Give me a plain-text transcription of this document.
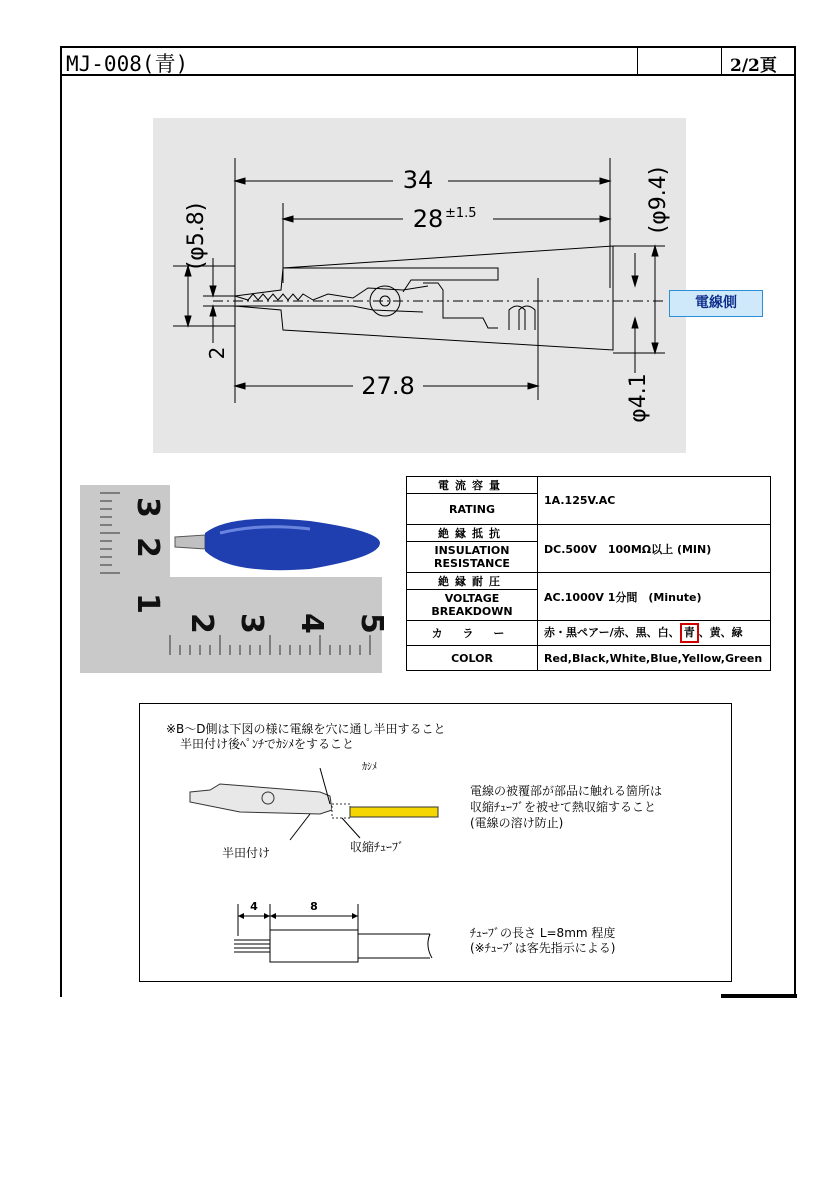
MJ-008(青)	2/2頁
34
28 ±1.5
27.8
(φ5.8)
2
(φ9.4)
φ4.1
電線側
3
2
1
2 3 4 5
電流容量	1A.125V.AC
RATING	
絶縁抵抗	DC.500V　100MΩ以上 (MIN)
INSULATION RESISTANCE	
絶縁耐圧	AC.1000V 1分間　(Minute)
VOLTAGE BREAKDOWN	
カ ラ ー	赤・黒ペアー/赤、黒、白、 青 、黄、緑
COLOR	Red,Black,White,Blue,Yellow,Green
※B～D側は下図の様に電線を穴に通し半田すること
半田付け後ﾍﾟﾝﾁでｶｼﾒをすること
ｶｼﾒ
半田付け	収縮ﾁｭｰﾌﾞ
電線の被覆部が部品に触れる箇所は
収縮ﾁｭｰﾌﾞを被せて熱収縮すること
(電線の溶け防止)
4	8
ﾁｭｰﾌﾞの長さ L=8mm 程度
(※ﾁｭｰﾌﾞは客先指示による)
